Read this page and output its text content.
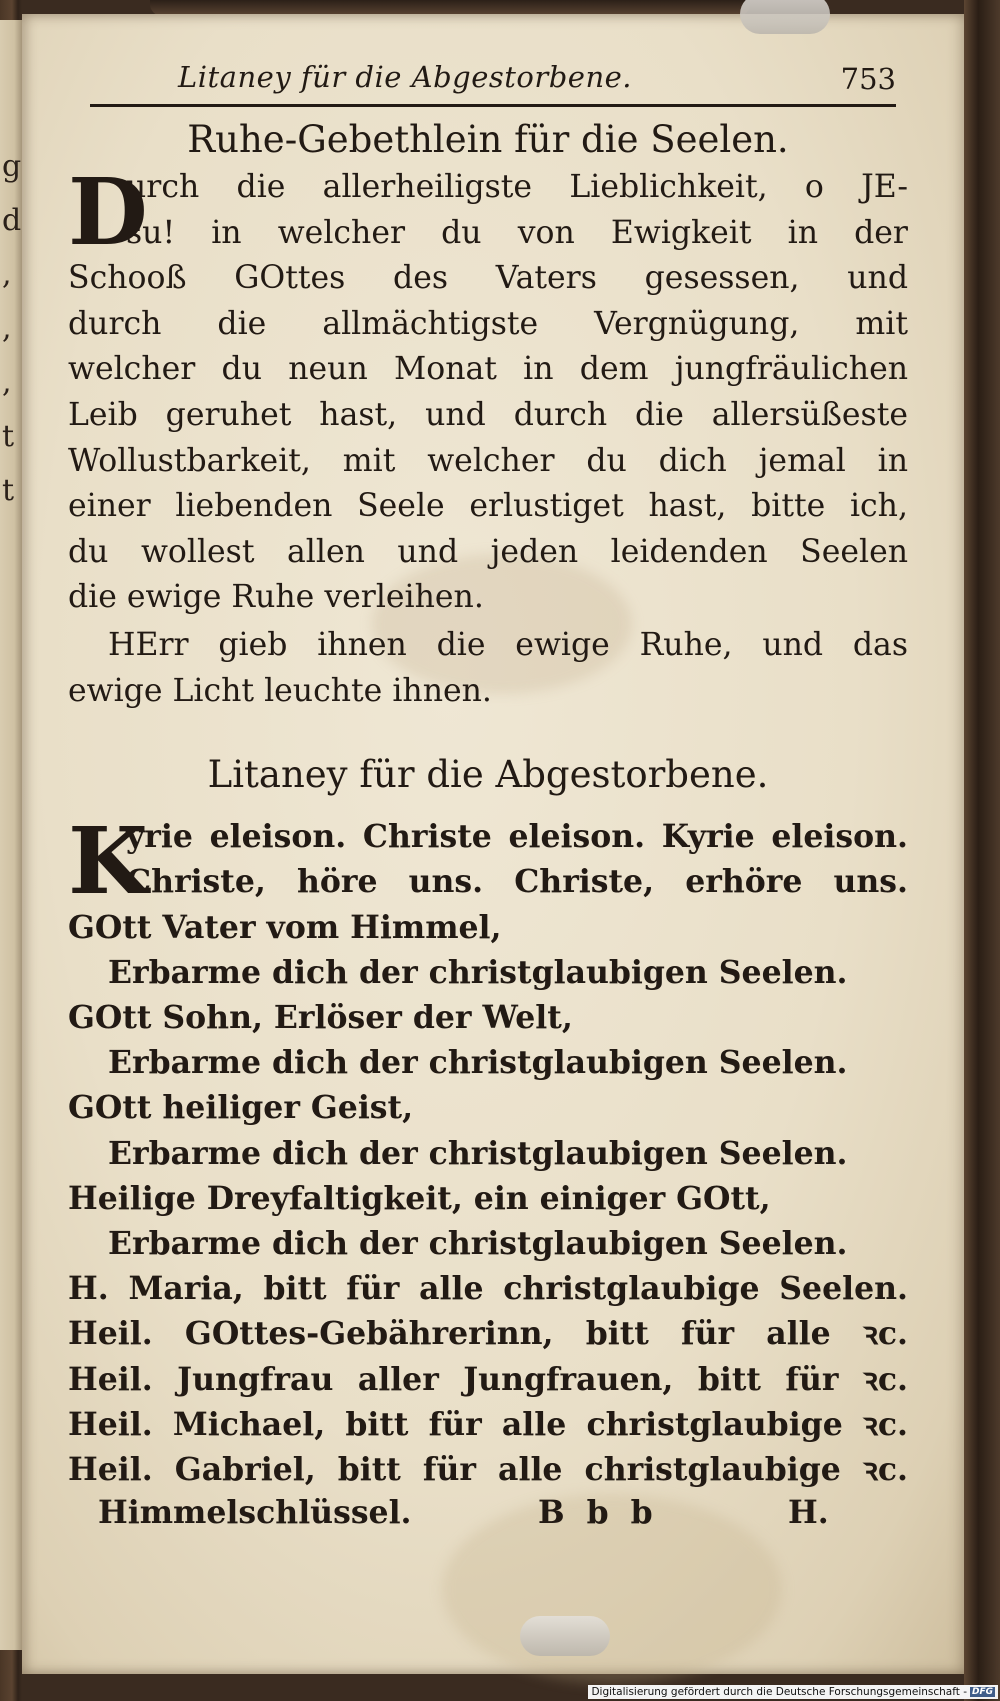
g
d
,
,
,
t
t
Litaney für die Abgestorbene.	753
Ruhe-Gebethlein für die Seelen.
D
urch die allerheiligste Lieblichkeit, o JE-
su! in welcher du von Ewigkeit in der
Schooß GOttes des Vaters gesessen, und
durch die allmächtigste Vergnügung, mit
welcher du neun Monat in dem jungfräulichen
Leib geruhet hast, und durch die allersüßeste
Wollustbarkeit, mit welcher du dich jemal in
einer liebenden Seele erlustiget hast, bitte ich,
du wollest allen und jeden leidenden Seelen
die ewige Ruhe verleihen.
HErr gieb ihnen die ewige Ruhe, und das
ewige Licht leuchte ihnen.
Litaney für die Abgestorbene.
K
yrie eleison. Christe eleison. Kyrie eleison.
Christe, höre uns. Christe, erhöre uns.
GOtt Vater vom Himmel,
Erbarme dich der christglaubigen Seelen.
GOtt Sohn, Erlöser der Welt,
Erbarme dich der christglaubigen Seelen.
GOtt heiliger Geist,
Erbarme dich der christglaubigen Seelen.
Heilige Dreyfaltigkeit, ein einiger GOtt,
Erbarme dich der christglaubigen Seelen.
H. Maria, bitt für alle christglaubige Seelen.
Heil. GOttes-Gebährerinn, bitt für alle ꝛc.
Heil. Jungfrau aller Jungfrauen, bitt für ꝛc.
Heil. Michael, bitt für alle christglaubige ꝛc.
Heil. Gabriel, bitt für alle christglaubige ꝛc.
Himmelschlüssel.	Bbb	H.
Digitalisierung gefördert durch die Deutsche Forschungsgemeinschaft - DFG
